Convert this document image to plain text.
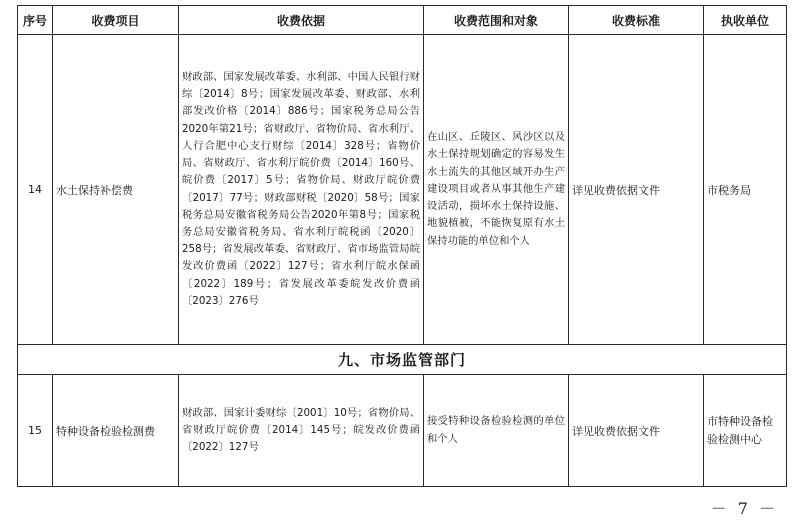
序号	收费项目	收费依据	收费范围和对象	收费标准	执收单位
14	水土保持补偿费	财政部、国家发展改革委、水利部、中国人民银行财综〔2014〕8号；国家发展改革委、财政部、水利部发改价格〔2014〕886号；国家税务总局公告2020年第21号；省财政厅、省物价局、省水利厅、人行合肥中心支行财综〔2014〕328号；省物价局、省财政厅、省水利厅皖价费〔2014〕160号、皖价费〔2017〕5号；省物价局、财政厅皖价费〔2017〕77号；财政部财税〔2020〕58号；国家税务总局安徽省税务局公告2020年第8号；国家税务总局安徽省税务局、省水利厅皖税函〔2020〕258号；省发展改革委、省财政厅、省市场监管局皖发改价费函〔2022〕127号；省水利厅皖水保函〔2022〕189号；省发展改革委皖发改价费函〔2023〕276号	在山区、丘陵区、风沙区以及水土保持规划确定的容易发生水土流失的其他区域开办生产建设项目或者从事其他生产建设活动，损坏水土保持设施、地貌植被，不能恢复原有水土保持功能的单位和个人	详见收费依据文件	市税务局
九、市场监管部门					
15	特种设备检验检测费	财政部、国家计委财综〔2001〕10号；省物价局、省财政厅皖价费〔2014〕145号；皖发改价费函〔2022〕127号	接受特种设备检验检测的单位和个人	详见收费依据文件	市特种设备检验检测中心
－ 7 －
